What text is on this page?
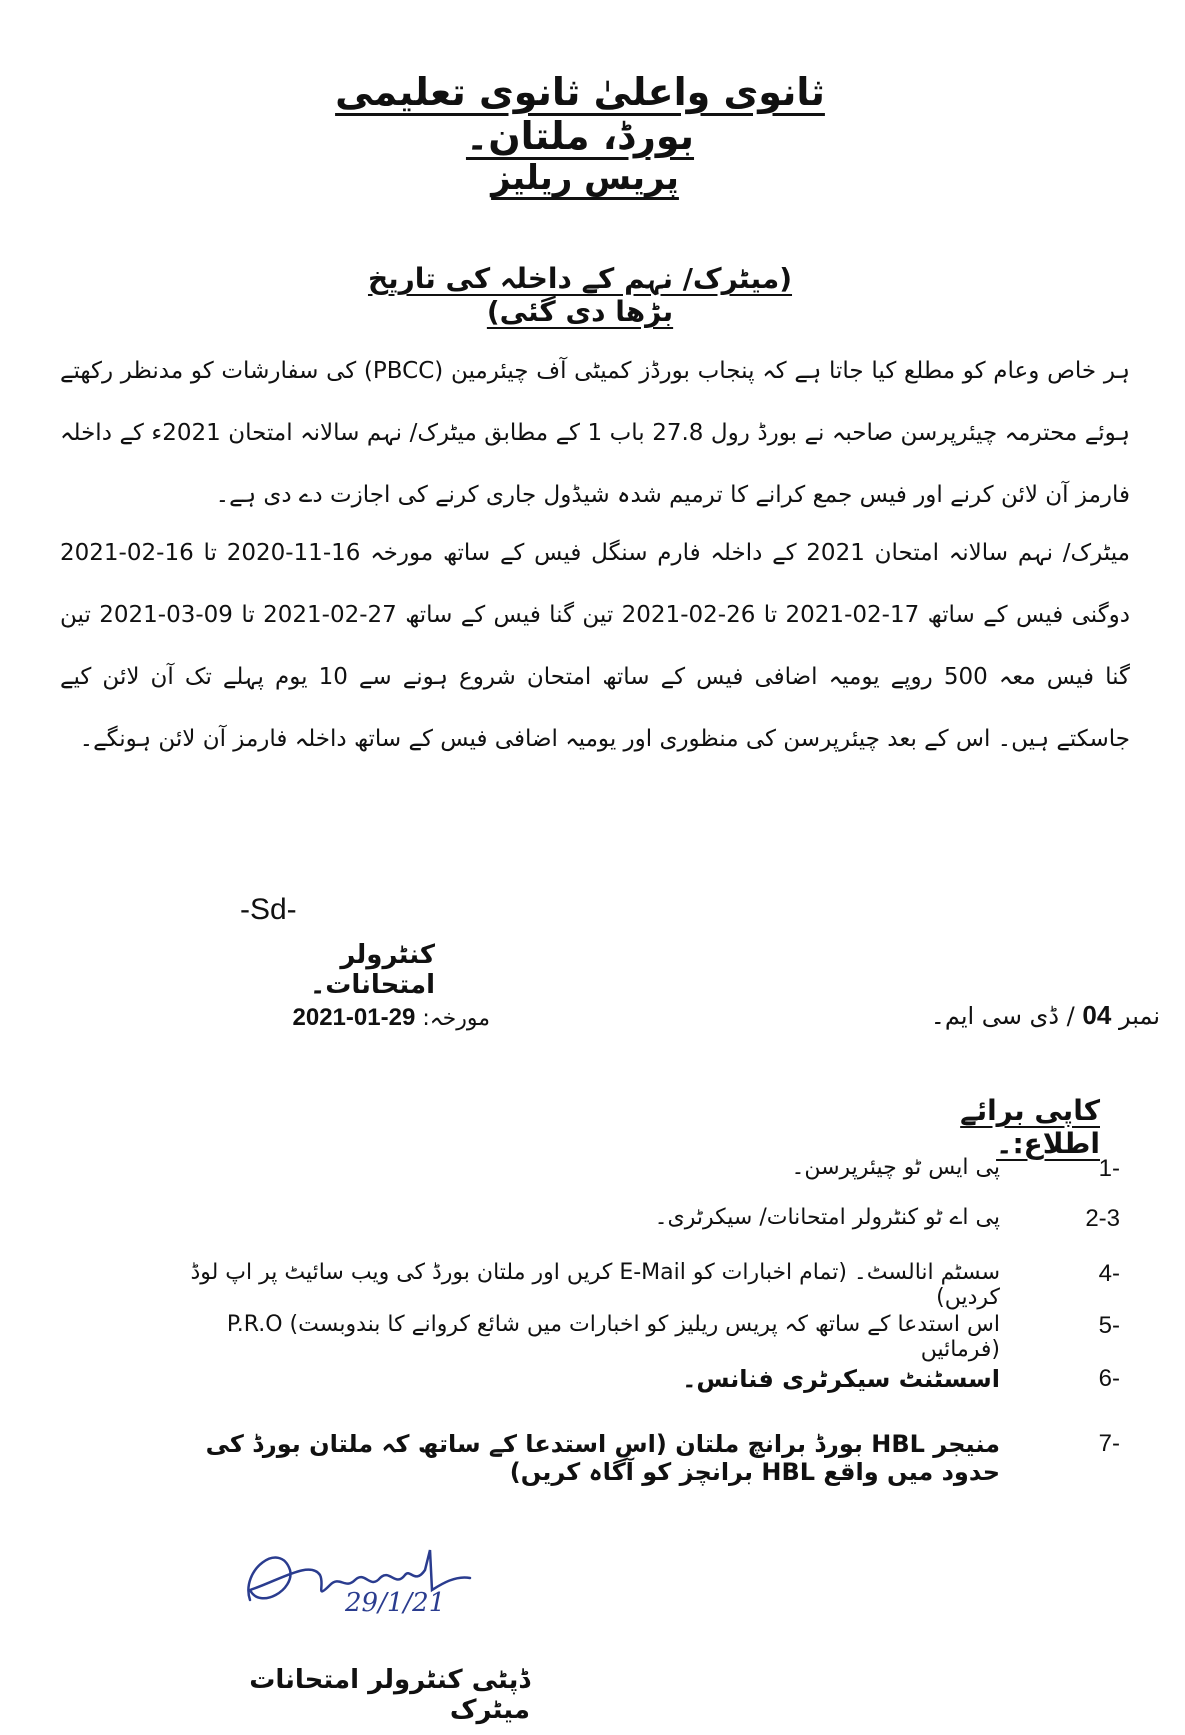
ثانوی واعلیٰ ثانوی تعلیمی بورڈ، ملتان۔
پریس ریلیز
(میٹرک/ نہم کے داخلہ کی تاریخ بڑھا دی گئی)
ہر خاص وعام کو مطلع کیا جاتا ہے کہ پنجاب بورڈز کمیٹی آف چیئرمین (PBCC) کی سفارشات کو مدنظر رکھتے ہوئے محترمہ چیئرپرسن صاحبہ نے بورڈ رول 27.8 باب 1 کے مطابق میٹرک/ نہم سالانہ امتحان 2021ء کے داخلہ فارمز آن لائن کرنے اور فیس جمع کرانے کا ترمیم شدہ شیڈول جاری کرنے کی اجازت دے دی ہے۔
میٹرک/ نہم سالانہ امتحان 2021 کے داخلہ فارم سنگل فیس کے ساتھ مورخہ 16-11-2020 تا 16-02-2021 دوگنی فیس کے ساتھ 17-02-2021 تا 26-02-2021 تین گنا فیس کے ساتھ 27-02-2021 تا 09-03-2021 تین گنا فیس معہ 500 روپے یومیہ اضافی فیس کے ساتھ امتحان شروع ہونے سے 10 یوم پہلے تک آن لائن کیے جاسکتے ہیں۔ اس کے بعد چیئرپرسن کی منظوری اور یومیہ اضافی فیس کے ساتھ داخلہ فارمز آن لائن ہونگے۔
-Sd-
کنٹرولر امتحانات۔
نمبر 04 / ڈی سی ایم۔
مورخہ: 29-01-2021
کاپی برائے اطلاع:۔
1-
پی ایس ٹو چیئرپرسن۔
2-3
پی اے ٹو کنٹرولر امتحانات/ سیکرٹری۔
4-
سسٹم انالسٹ۔ (تمام اخبارات کو E-Mail کریں اور ملتان بورڈ کی ویب سائیٹ پر اپ لوڈ کردیں)
5-
P.R.O (اس استدعا کے ساتھ کہ پریس ریلیز کو اخبارات میں شائع کروانے کا بندوبست فرمائیں)
6-
اسسٹنٹ سیکرٹری فنانس۔
7-
منیجر HBL بورڈ برانچ ملتان (اس استدعا کے ساتھ کہ ملتان بورڈ کی حدود میں واقع HBL برانچز کو آگاہ کریں)
29/1/21
ڈپٹی کنٹرولر امتحانات میٹرک
